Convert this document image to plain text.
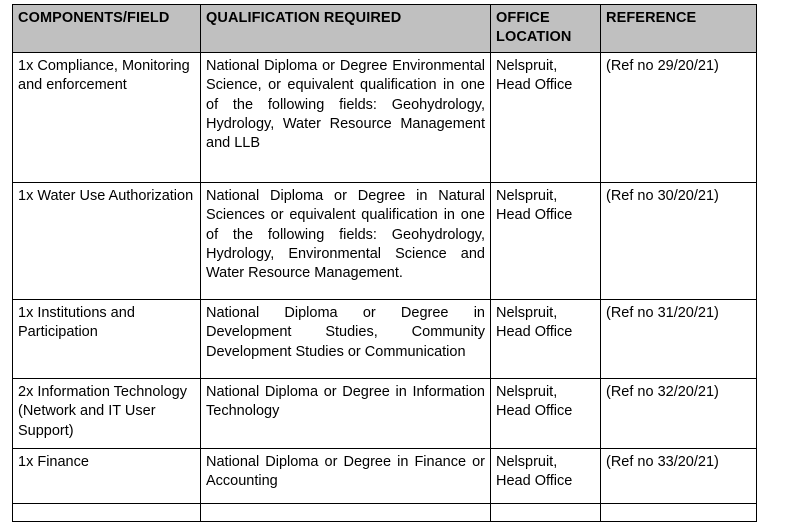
COMPONENTS/FIELD	QUALIFICATION REQUIRED	OFFICE LOCATION	REFERENCE

1x Compliance, Monitoring and enforcement	National Diploma or Degree Environmental Science, or equivalent qualification in one of the following fields: Geohydrology, Hydrology, Water Resource Management and LLB	Nelspruit, Head Office	(Ref no 29/20/21)

1x Water Use Authorization	National Diploma or Degree in Natural Sciences or equivalent qualification in one of the following fields: Geohydrology, Hydrology, Environmental Science and Water Resource Management.	Nelspruit, Head Office	(Ref no 30/20/21)

1x Institutions and Participation	National Diploma or Degree in Development Studies, Community Development Studies or Communication	Nelspruit, Head Office	(Ref no 31/20/21)

2x Information Technology (Network and IT User Support)	National Diploma or Degree in Information Technology	Nelspruit, Head Office	(Ref no 32/20/21)

1x Finance	National Diploma or Degree in Finance or Accounting	Nelspruit, Head Office	(Ref no 33/20/21)
